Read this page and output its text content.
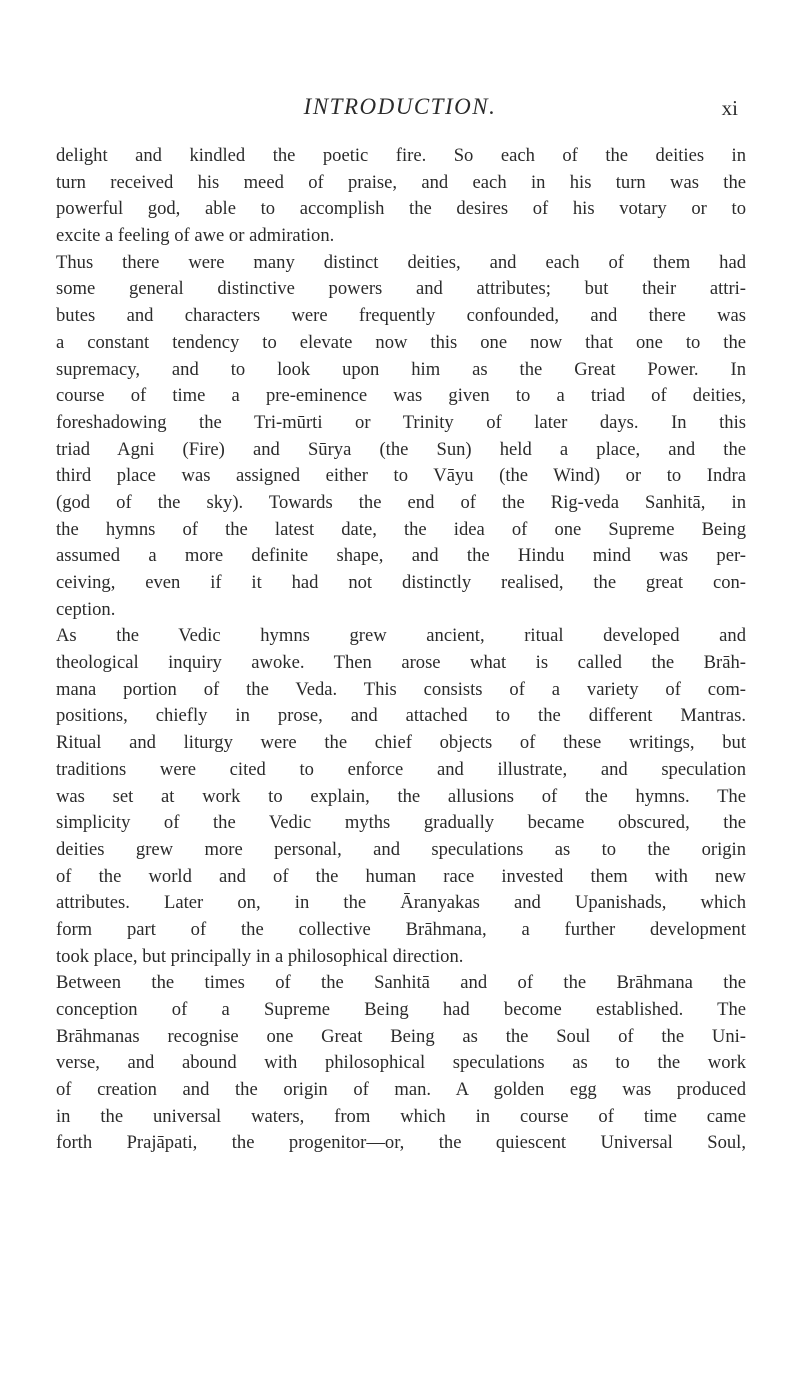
INTRODUCTION.	xi
delight and kindled the poetic fire. So each of the deities in
turn received his meed of praise, and each in his turn was the
powerful god, able to accomplish the desires of his votary or to
excite a feeling of awe or admiration.
Thus there were many distinct deities, and each of them had
some general distinctive powers and attributes; but their attri-
butes and characters were frequently confounded, and there was
a constant tendency to elevate now this one now that one to the
supremacy, and to look upon him as the Great Power. In
course of time a pre-eminence was given to a triad of deities,
foreshadowing the Tri-mūrti or Trinity of later days. In this
triad Agni (Fire) and Sūrya (the Sun) held a place, and the
third place was assigned either to Vāyu (the Wind) or to Indra
(god of the sky). Towards the end of the Rig-veda Sanhitā, in
the hymns of the latest date, the idea of one Supreme Being
assumed a more definite shape, and the Hindu mind was per-
ceiving, even if it had not distinctly realised, the great con-
ception.
As the Vedic hymns grew ancient, ritual developed and
theological inquiry awoke. Then arose what is called the Brāh-
mana portion of the Veda. This consists of a variety of com-
positions, chiefly in prose, and attached to the different Mantras.
Ritual and liturgy were the chief objects of these writings, but
traditions were cited to enforce and illustrate, and speculation
was set at work to explain, the allusions of the hymns. The
simplicity of the Vedic myths gradually became obscured, the
deities grew more personal, and speculations as to the origin
of the world and of the human race invested them with new
attributes. Later on, in the Āranyakas and Upanishads, which
form part of the collective Brāhmana, a further development
took place, but principally in a philosophical direction.
Between the times of the Sanhitā and of the Brāhmana the
conception of a Supreme Being had become established. The
Brāhmanas recognise one Great Being as the Soul of the Uni-
verse, and abound with philosophical speculations as to the work
of creation and the origin of man. A golden egg was produced
in the universal waters, from which in course of time came
forth Prajāpati, the progenitor—or, the quiescent Universal Soul,
